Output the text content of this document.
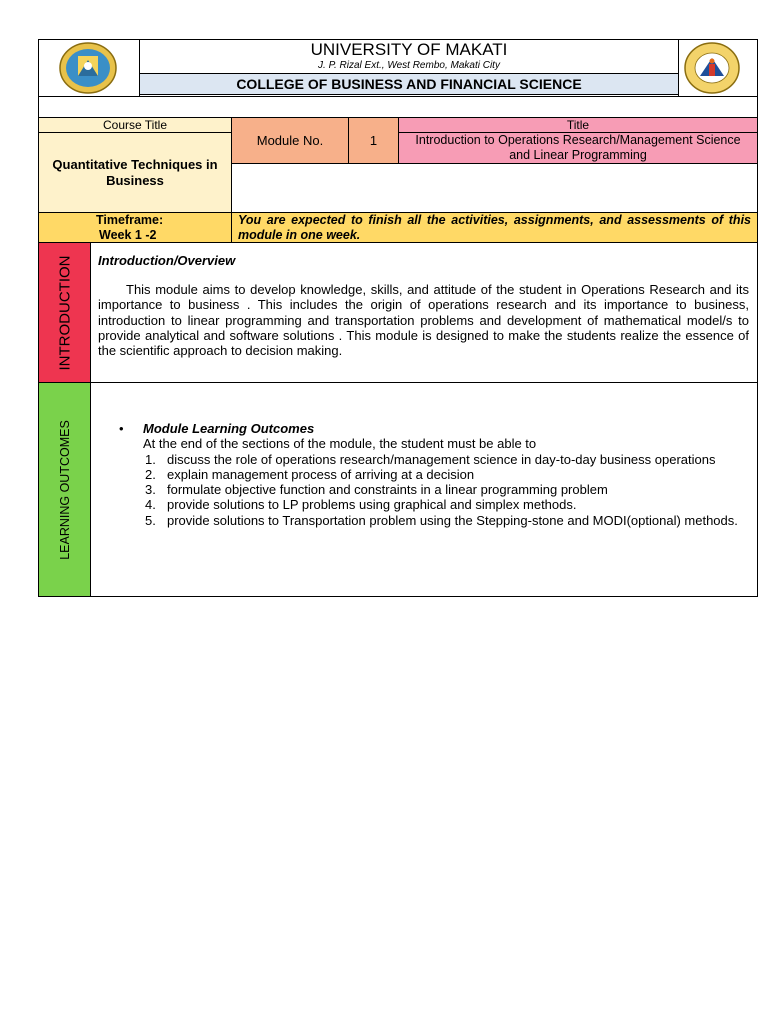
UNIVERSITY OF MAKATI
J. P. Rizal Ext., West Rembo, Makati City
COLLEGE OF BUSINESS AND FINANCIAL SCIENCE
Course Title
Quantitative Techniques in Business
Module No.	1
Title
Introduction to Operations Research/Management Science and Linear Programming
Timeframe:
Week 1 -2
You are expected to finish all the activities, assignments, and assessments of this module in one week.
INTRODUCTION Introduction/Overview
This module aims to develop knowledge, skills, and attitude of the student in Operations Research and its importance to business . This includes the origin of operations research and its importance to business, introduction to linear programming and transportation problems and development of mathematical model/s to provide analytical and software solutions . This module is designed to make the students realize the essence of the scientific approach to decision making.
LEARNING OUTCOMES	• Module Learning Outcomes
At the end of the sections of the module, the student must be able to
1. discuss the role of operations research/management science in day-to-day business operations
2. explain management process of arriving at a decision
3. formulate objective function and constraints in a linear programming problem
4. provide solutions to LP problems using graphical and simplex methods.
5. provide solutions to Transportation problem using the Stepping-stone and MODI(optional) methods.
